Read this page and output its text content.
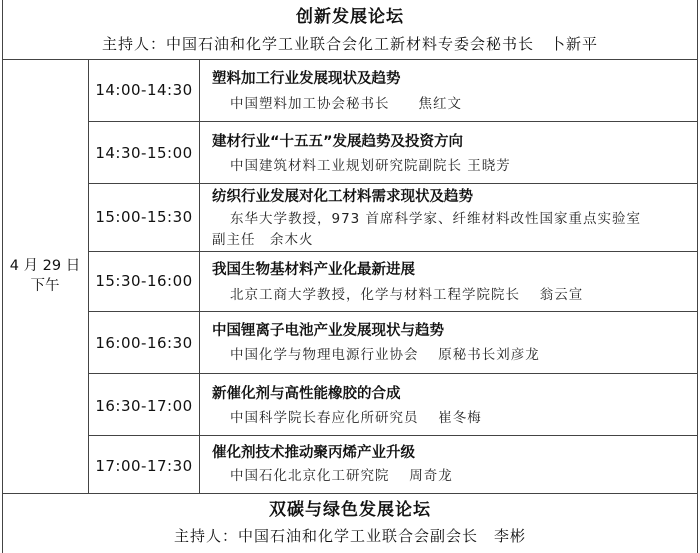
创新发展论坛
主持人：中国石油和化学工业联合会化工新材料专委会秘书长　卜新平
4 月 29 日
下午
14:00-14:30
塑料加工行业发展现状及趋势
中国塑料加工协会秘书长　　焦红文
14:30-15:00
建材行业“十五五”发展趋势及投资方向
中国建筑材料工业规划研究院副院长 王晓芳
15:00-15:30
纺织行业发展对化工材料需求现状及趋势
东华大学教授，973 首席科学家、纤维材料改性国家重点实验室
副主任　余木火
15:30-16:00
我国生物基材料产业化最新进展
北京工商大学教授，化学与材料工程学院院长　 翁云宣
16:00-16:30
中国锂离子电池产业发展现状与趋势
中国化学与物理电源行业协会　 原秘书长刘彦龙
16:30-17:00
新催化剂与高性能橡胶的合成
中国科学院长春应化所研究员　 崔冬梅
17:00-17:30
催化剂技术推动聚丙烯产业升级
中国石化北京化工研究院　 周奇龙
双碳与绿色发展论坛
主持人：中国石油和化学工业联合会副会长　李彬
